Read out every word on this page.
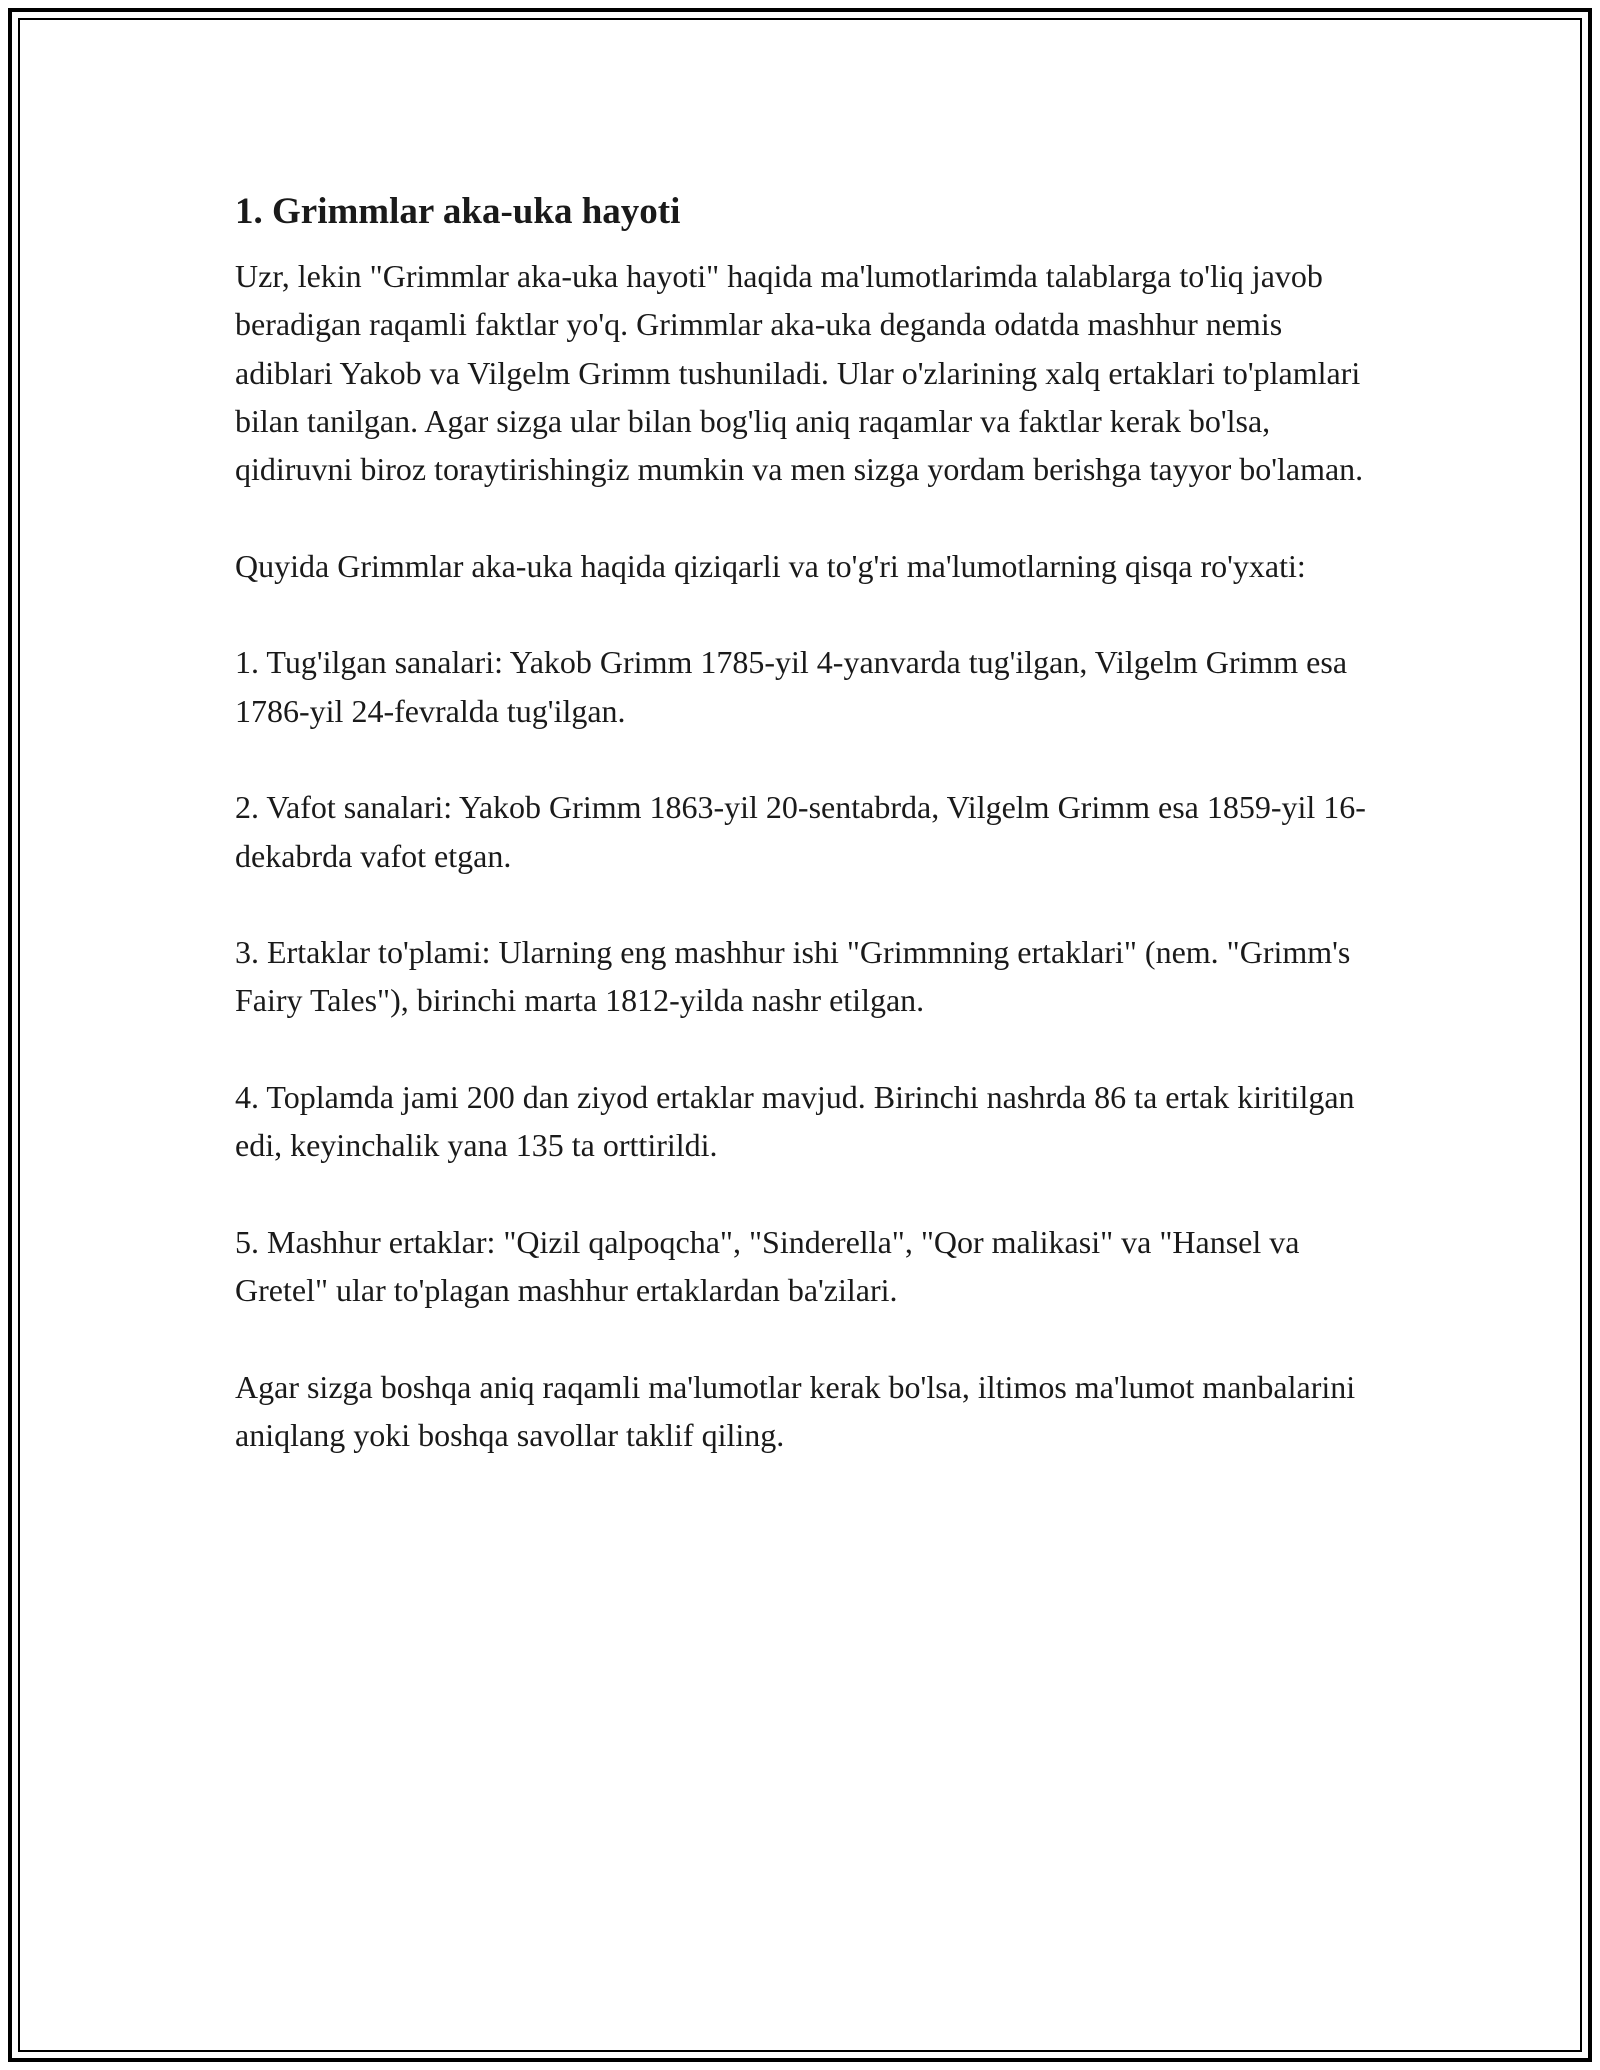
1. Grimmlar aka-uka hayoti

Uzr, lekin "Grimmlar aka-uka hayoti" haqida ma'lumotlarimda talablarga to'liq javob beradigan raqamli faktlar yo'q. Grimmlar aka-uka deganda odatda mashhur nemis adiblari Yakob va Vilgelm Grimm tushuniladi. Ular o'zlarining xalq ertaklari to'plamlari bilan tanilgan. Agar sizga ular bilan bog'liq aniq raqamlar va faktlar kerak bo'lsa, qidiruvni biroz toraytirishingiz mumkin va men sizga yordam berishga tayyor bo'laman.

Quyida Grimmlar aka-uka haqida qiziqarli va to'g'ri ma'lumotlarning qisqa ro'yxati:

1. Tug'ilgan sanalari: Yakob Grimm 1785-yil 4-yanvarda tug'ilgan, Vilgelm Grimm esa 1786-yil 24-fevralda tug'ilgan.

2. Vafot sanalari: Yakob Grimm 1863-yil 20-sentabrda, Vilgelm Grimm esa 1859-yil 16-dekabrda vafot etgan.

3. Ertaklar to'plami: Ularning eng mashhur ishi "Grimmning ertaklari" (nem. "Grimm's Fairy Tales"), birinchi marta 1812-yilda nashr etilgan.

4. Toplamda jami 200 dan ziyod ertaklar mavjud. Birinchi nashrda 86 ta ertak kiritilgan edi, keyinchalik yana 135 ta orttirildi.

5. Mashhur ertaklar: "Qizil qalpoqcha", "Sinderella", "Qor malikasi" va "Hansel va Gretel" ular to'plagan mashhur ertaklardan ba'zilari.

Agar sizga boshqa aniq raqamli ma'lumotlar kerak bo'lsa, iltimos ma'lumot manbalarini aniqlang yoki boshqa savollar taklif qiling.
